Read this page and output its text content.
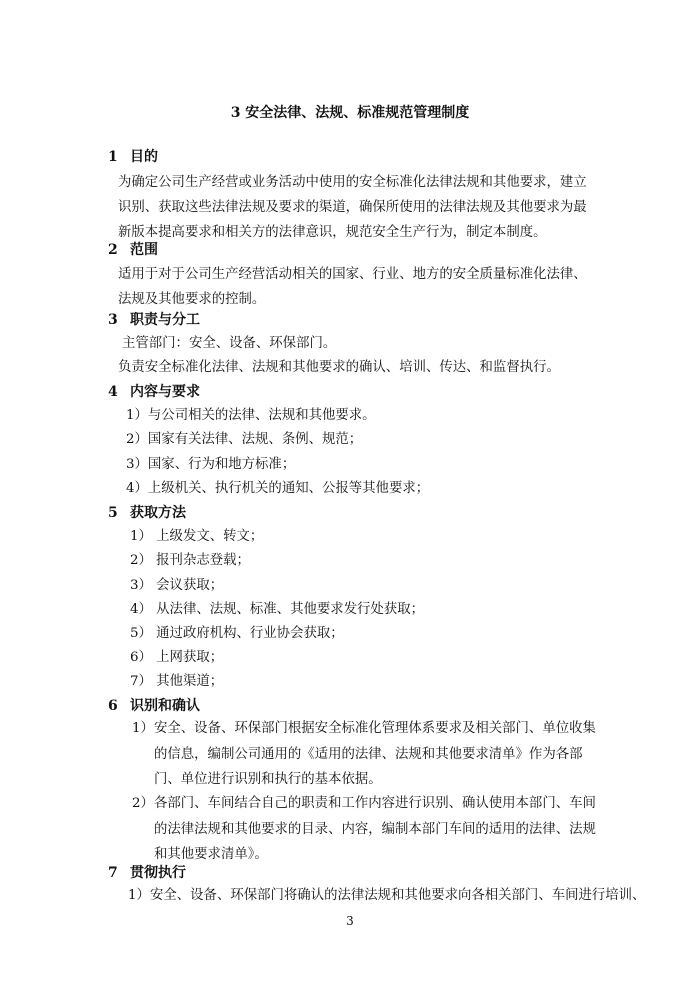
3 安全法律、法规、标准规范管理制度
1 目的
为确定公司生产经营或业务活动中使用的安全标准化法律法规和其他要求，建立识别、获取这些法律法规及要求的渠道，确保所使用的法律法规及其他要求为最新版本提高要求和相关方的法律意识，规范安全生产行为，制定本制度。
2 范围
适用于对于公司生产经营活动相关的国家、行业、地方的安全质量标准化法律、法规及其他要求的控制。
3 职责与分工
主管部门：安全、设备、环保部门。
负责安全标准化法律、法规和其他要求的确认、培训、传达、和监督执行。
4 内容与要求
1）与公司相关的法律、法规和其他要求。
2）国家有关法律、法规、条例、规范；
3）国家、行为和地方标准；
4）上级机关、执行机关的通知、公报等其他要求；
5 获取方法
1） 上级发文、转文；
2） 报刊杂志登载；
3） 会议获取；
4） 从法律、法规、标准、其他要求发行处获取；
5） 通过政府机构、行业协会获取；
6） 上网获取；
7） 其他渠道；
6 识别和确认
1） 安全、设备、环保部门根据安全标准化管理体系要求及相关部门、单位收集的信息，编制公司通用的《适用的法律、法规和其他要求清单》作为各部门、单位进行识别和执行的基本依据。
2） 各部门、车间结合自己的职责和工作内容进行识别、确认使用本部门、车间的法律法规和其他要求的目录、内容，编制本部门车间的适用的法律、法规和其他要求清单》。
7 贯彻执行
1） 安全、设备、环保部门将确认的法律法规和其他要求向各相关部门、车间进行培训、
3
